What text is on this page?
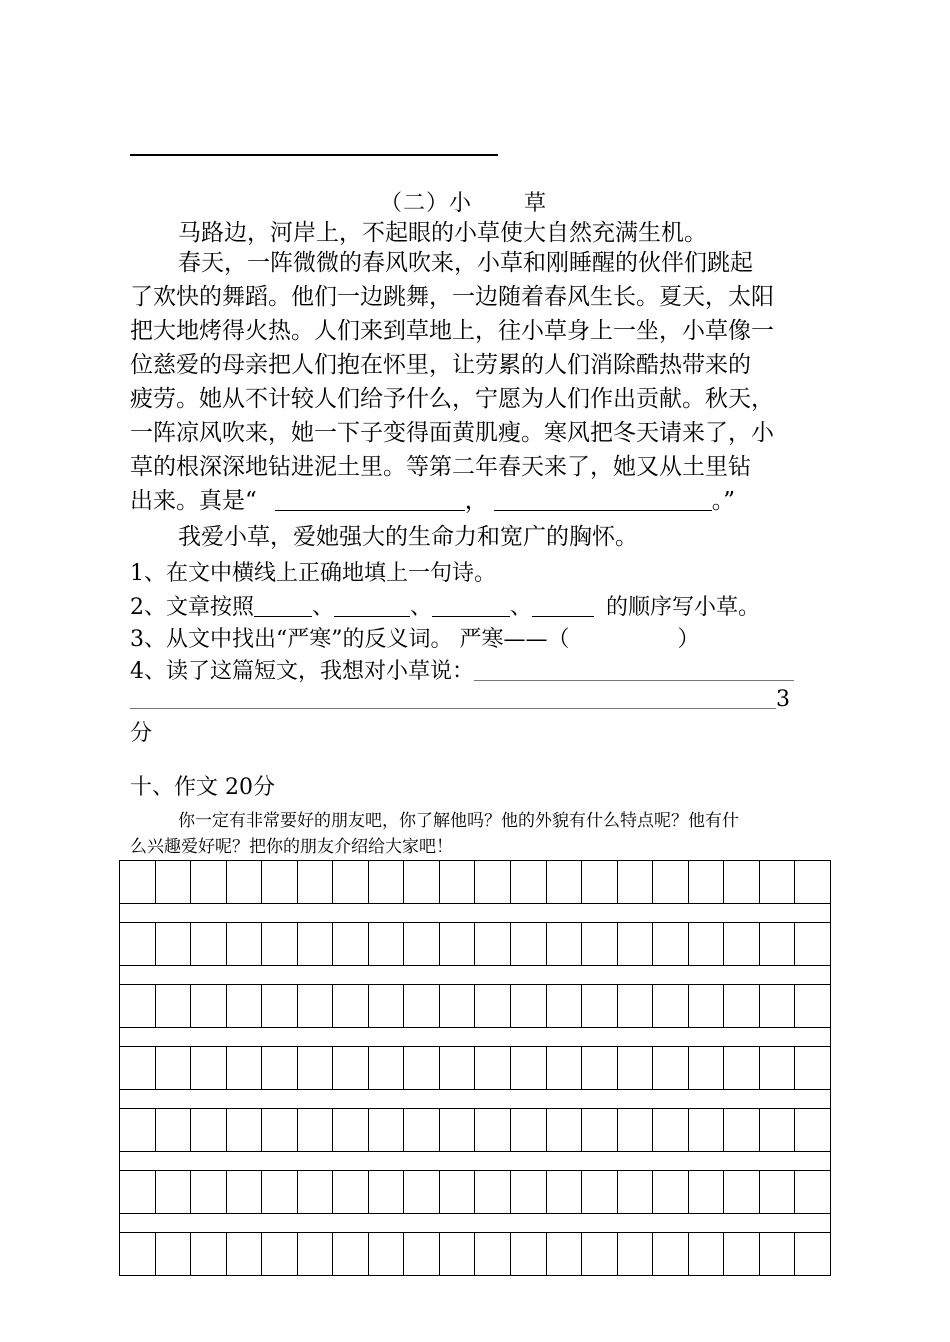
（二）小 草
马路边，河岸上，不起眼的小草使大自然充满生机。
春天，一阵微微的春风吹来，小草和刚睡醒的伙伴们跳起
了欢快的舞蹈。他们一边跳舞，一边随着春风生长。夏天，太阳
把大地烤得火热。人们来到草地上，往小草身上一坐，小草像一
位慈爱的母亲把人们抱在怀里，让劳累的人们消除酷热带来的
疲劳。她从不计较人们给予什么，宁愿为人们作出贡献。秋天，
一阵凉风吹来，她一下子变得面黄肌瘦。寒风把冬天请来了，小
草的根深深地钻进泥土里。等第二年春天来了，她又从土里钻
出来。真是“	，	。”
我爱小草，爱她强大的生命力和宽广的胸怀。
1、在文中横线上正确地填上一句诗。
2、文章按照	、	、	、	的顺序写小草。
3、从文中找出“严寒”的反义词。 严寒——（	）
4、读了这篇短文，我想对小草说：
3
分
十、作文 20分
你一定有非常要好的朋友吧，你了解他吗？他的外貌有什么特点呢？他有什
么兴趣爱好呢？把你的朋友介绍给大家吧！
